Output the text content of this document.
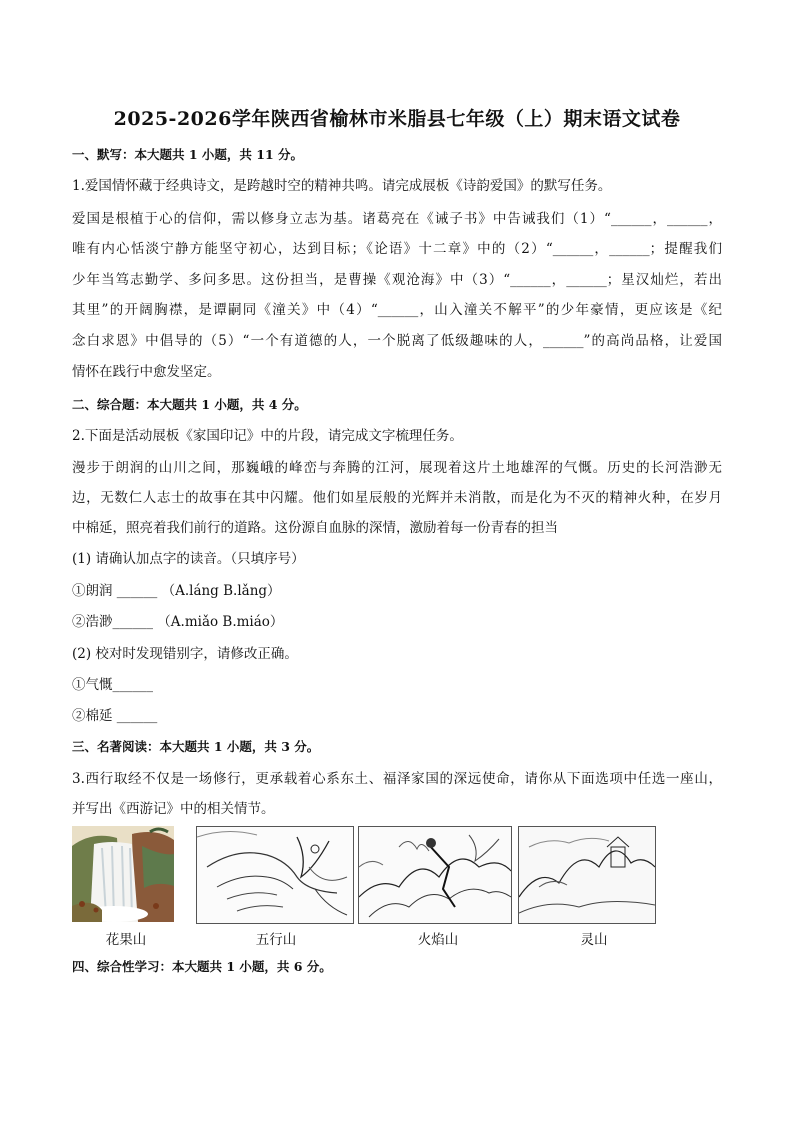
2025-2026学年陕西省榆林市米脂县七年级（上）期末语文试卷
一、默写：本大题共 1 小题，共 11 分。
1.爱国情怀藏于经典诗文，是跨越时空的精神共鸣。请完成展板《诗韵爱国》的默写任务。
爱国是根植于心的信仰，需以修身立志为基。诸葛亮在《诫子书》中告诫我们（1）“______，______，
唯有内心恬淡宁静方能坚守初心，达到目标；《论语》十二章》中的（2）“______，______；提醒我们
少年当笃志勤学、多问多思。这份担当，是曹操《观沧海》中（3）“______，______；星汉灿烂，若出
其里”的开阔胸襟，是谭嗣同《潼关》中（4）“______，山入潼关不解平”的少年豪情，更应该是《纪
念白求恩》中倡导的（5）“一个有道德的人，一个脱离了低级趣味的人，______”的高尚品格，让爱国
情怀在践行中愈发坚定。
二、综合题：本大题共 1 小题，共 4 分。
2.下面是活动展板《家国印记》中的片段，请完成文字梳理任务。
漫步于朗润的山川之间，那巍峨的峰峦与奔腾的江河，展现着这片土地雄浑的气慨。历史的长河浩渺无
边，无数仁人志士的故事在其中闪耀。他们如星辰般的光辉并未消散，而是化为不灭的精神火种，在岁月
中棉延，照亮着我们前行的道路。这份源自血脉的深情，激励着每一份青春的担当
(1) 请确认加点字的读音。（只填序号）
①朗润 ______ （A.láng B.lǎng）
②浩渺______ （A.miǎo B.miáo）
(2) 校对时发现错别字，请修改正确。
①气慨______
②棉延 ______
三、名著阅读：本大题共 1 小题，共 3 分。
3.西行取经不仅是一场修行，更承载着心系东土、福泽家国的深远使命，请你从下面选项中任选一座山，
并写出《西游记》中的相关情节。
花果山	五行山	火焰山	灵山
四、综合性学习：本大题共 1 小题，共 6 分。
